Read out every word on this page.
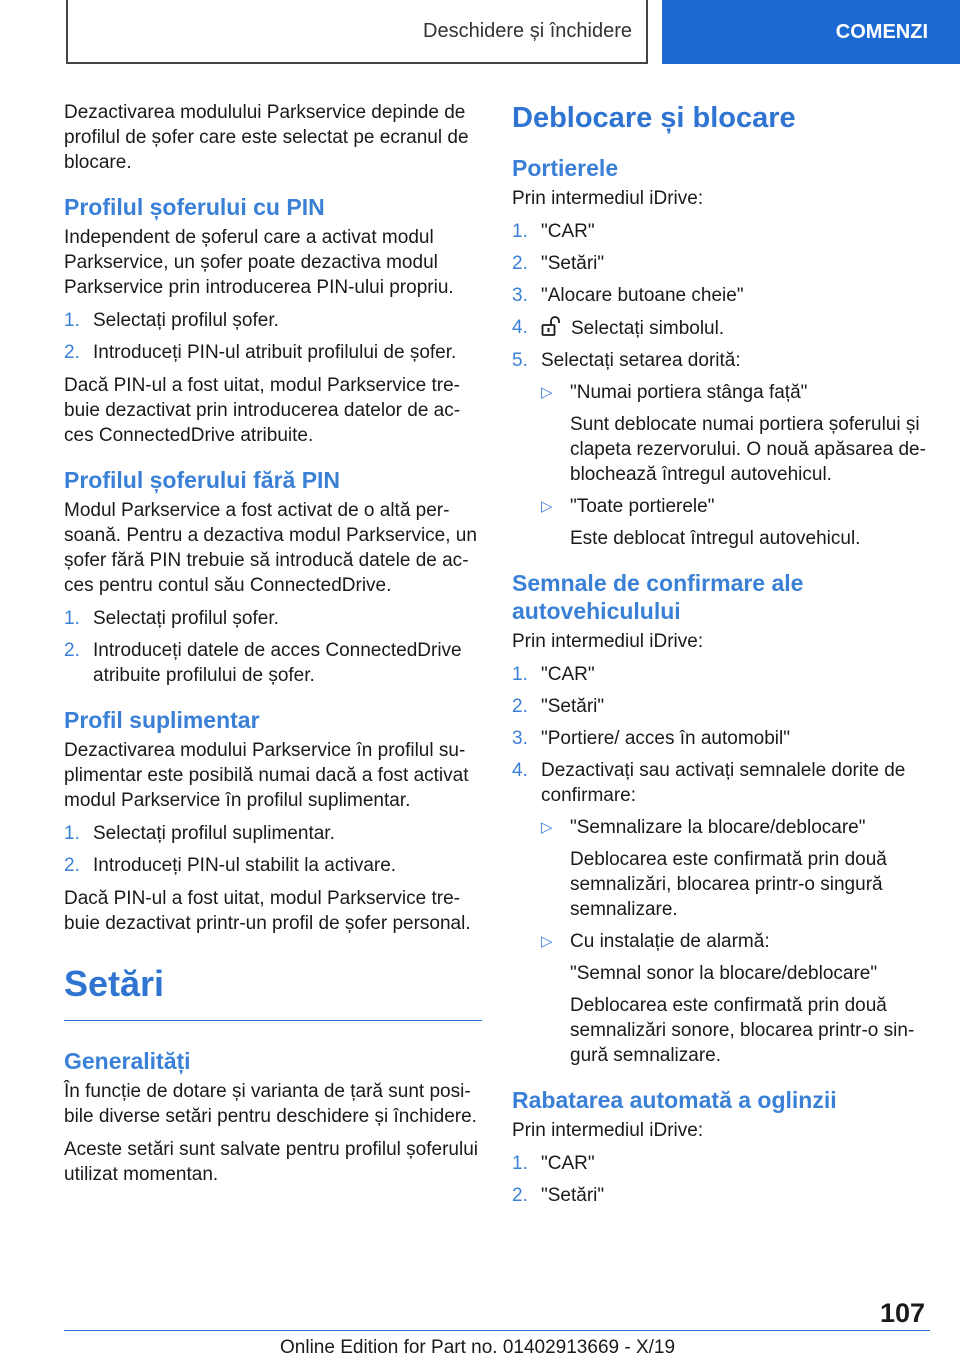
Deschidere și închidere	COMENZI

Dezactivarea modulului Parkservice depinde de profilul de șofer care este selectat pe ecranul de blocare.

Profilul șoferului cu PIN

Independent de șoferul care a activat modul Parkservice, un șofer poate dezactiva modul Parkservice prin introducerea PIN-ului propriu.

1. Selectați profilul șofer.
2. Introduceți PIN-ul atribuit profilului de șofer.

Dacă PIN-ul a fost uitat, modul Parkservice trebuie dezactivat prin introducerea datelor de acces ConnectedDrive atribuite.

Profilul șoferului fără PIN

Modul Parkservice a fost activat de o altă persoană. Pentru a dezactiva modul Parkservice, un șofer fără PIN trebuie să introducă datele de acces pentru contul său ConnectedDrive.

1. Selectați profilul șofer.
2. Introduceți datele de acces ConnectedDrive atribuite profilului de șofer.
Profil suplimentar

Dezactivarea modului Parkservice în profilul suplimentar este posibilă numai dacă a fost activat modul Parkservice în profilul suplimentar.

1. Selectați profilul suplimentar.
2. Introduceți PIN-ul stabilit la activare.

Dacă PIN-ul a fost uitat, modul Parkservice trebuie dezactivat printr-un profil de șofer personal.

Setări
Generalități

În funcție de dotare și varianta de țară sunt posibile diverse setări pentru deschidere și închidere.

Aceste setări sunt salvate pentru profilul șoferului utilizat momentan.

Deblocare și blocare
Portierele

Prin intermediul iDrive:

1. "CAR"
2. "Setări"
3. "Alocare butoane cheie"
4. Selectați simbolul.
5. Selectați setarea dorită:
▷ "Numai portiera stânga față"
Sunt deblocate numai portiera șoferului și clapeta rezervorului. O nouă apăsarea deblochează întregul autovehicul.
▷ "Toate portierele"
Este deblocat întregul autovehicul.
Semnale de confirmare ale autovehiculului

Prin intermediul iDrive:

1. "CAR"
2. "Setări"
3. "Portiere/ acces în automobil"
4. Dezactivați sau activați semnalele dorite de confirmare:
▷ "Semnalizare la blocare/deblocare"
Deblocarea este confirmată prin două semnalizări, blocarea printr-o singură semnalizare.
▷ Cu instalație de alarmă:
"Semnal sonor la blocare/deblocare"
Deblocarea este confirmată prin două semnalizări sonore, blocarea printr-o singură semnalizare.
Rabatarea automată a oglinzii

Prin intermediul iDrive:

1. "CAR"
2. "Setări"
107
Online Edition for Part no. 01402913669 - X/19
